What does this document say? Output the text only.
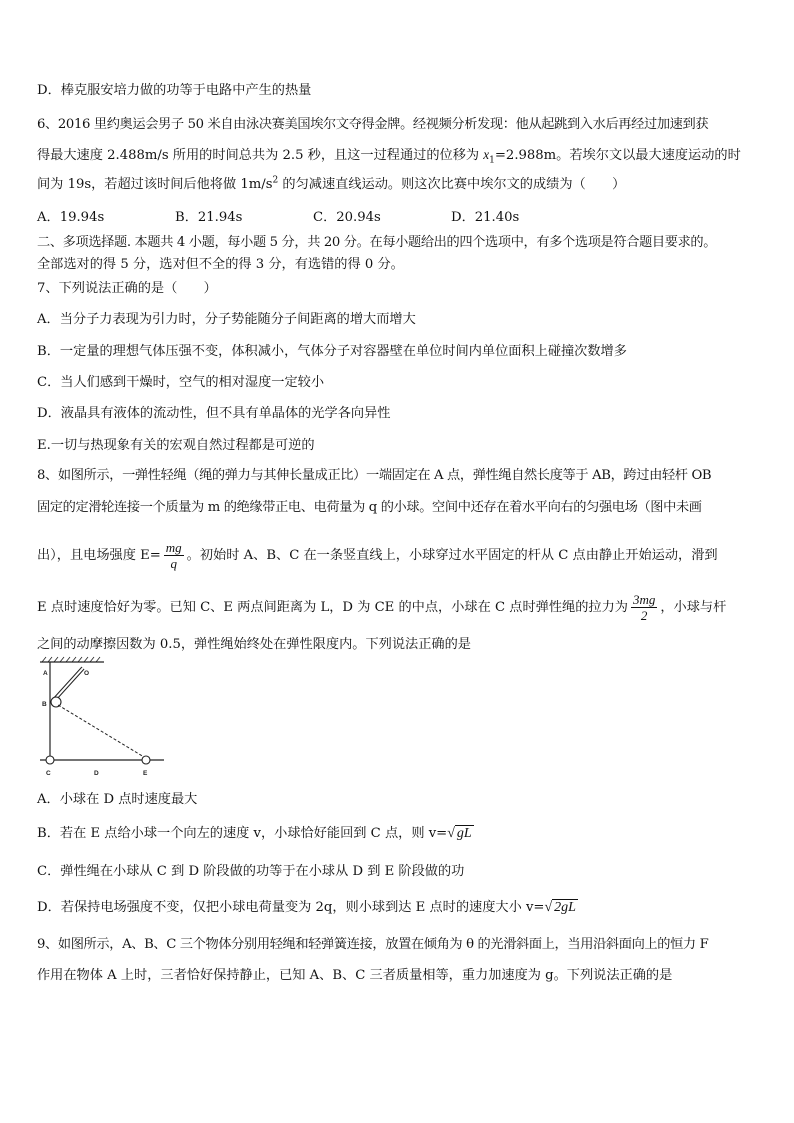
D．棒克服安培力做的功等于电路中产生的热量
6、2016 里约奥运会男子 50 米自由泳决赛美国埃尔文夺得金牌。经视频分析发现：他从起跳到入水后再经过加速到获
得最大速度 2.488m/s 所用的时间总共为 2.5 秒，且这一过程通过的位移为 $x_1=2.988m$。若埃尔文以最大速度运动的时
间为 19s，若超过该时间后他将做 $1m/s^2$ 的匀减速直线运动。则这次比赛中埃尔文的成绩为（　　）
A．19.94s	B．21.94s	C．20.94s	D．21.40s
二、多项选择题. 本题共 4 小题，每小题 5 分，共 20 分。在每小题给出的四个选项中，有多个选项是符合题目要求的。
全部选对的得 5 分，选对但不全的得 3 分，有选错的得 0 分。
7、下列说法正确的是（　　）
A．当分子力表现为引力时，分子势能随分子间距离的增大而增大
B．一定量的理想气体压强不变，体积减小，气体分子对容器壁在单位时间内单位面积上碰撞次数增多
C．当人们感到干燥时，空气的相对湿度一定较小
D．液晶具有液体的流动性，但不具有单晶体的光学各向异性
E.一切与热现象有关的宏观自然过程都是可逆的
8、如图所示，一弹性轻绳（绳的弹力与其伸长量成正比）一端固定在 A 点，弹性绳自然长度等于 AB，跨过由轻杆 OB
固定的定滑轮连接一个质量为 m 的绝缘带正电、电荷量为 q 的小球。空间中还存在着水平向右的匀强电场（图中未画
出），且电场强度 $E= \frac{mg}{q}$ 。初始时 A、B、C 在一条竖直线上，小球穿过水平固定的杆从 C 点由静止开始运动，滑到
E 点时速度恰好为零。已知 C、E 两点间距离为 L，D 为 CE 的中点，小球在 C 点时弹性绳的拉力为 $\frac{3mg}{2}$ ，小球与杆
之间的动摩擦因数为 0.5，弹性绳始终处在弹性限度内。下列说法正确的是
A	O
B
C	D	E
A．小球在 D 点时速度最大
B．若在 E 点给小球一个向左的速度 v，小球恰好能回到 C 点，则 v=√ gL
C．弹性绳在小球从 C 到 D 阶段做的功等于在小球从 D 到 E 阶段做的功
D．若保持电场强度不变，仅把小球电荷量变为 2q，则小球到达 E 点时的速度大小 v=√ 2gL
9、如图所示，A、B、C 三个物体分别用轻绳和轻弹簧连接，放置在倾角为 θ 的光滑斜面上，当用沿斜面向上的恒力 F
作用在物体 A 上时，三者恰好保持静止，已知 A、B、C 三者质量相等，重力加速度为 g。下列说法正确的是
